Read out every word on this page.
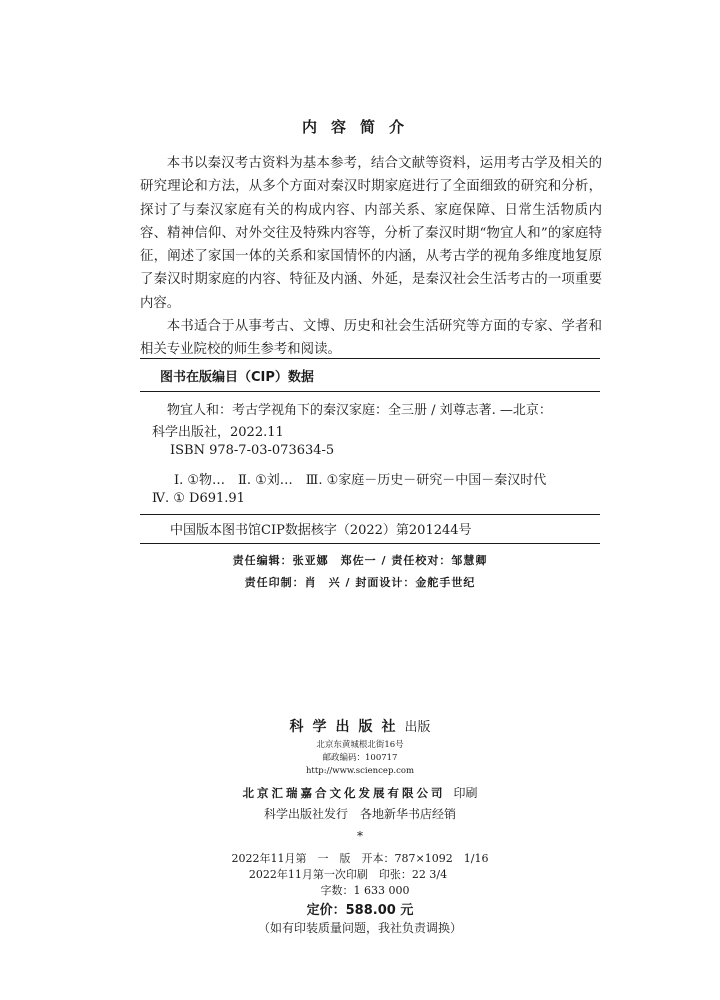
内容简介

本书以秦汉考古资料为基本参考，结合文献等资料，运用考古学及相关的研究理论和方法，从多个方面对秦汉时期家庭进行了全面细致的研究和分析，探讨了与秦汉家庭有关的构成内容、内部关系、家庭保障、日常生活物质内容、精神信仰、对外交往及特殊内容等，分析了秦汉时期“物宜人和”的家庭特征，阐述了家国一体的关系和家国情怀的内涵，从考古学的视角多维度地复原了秦汉时期家庭的内容、特征及内涵、外延，是秦汉社会生活考古的一项重要内容。

本书适合于从事考古、文博、历史和社会生活研究等方面的专家、学者和相关专业院校的师生参考和阅读。

图书在版编目（CIP）数据
物宜人和：考古学视角下的秦汉家庭：全三册 / 刘尊志著. —北京：
科学出版社，2022.11
ISBN 978-7-03-073634-5
Ⅰ. ①物…　Ⅱ. ①刘…　Ⅲ. ①家庭－历史－研究－中国－秦汉时代
Ⅳ. ① D691.91
中国版本图书馆CIP数据核字（2022）第201244号
责任编辑：张亚娜　郑佐一 / 责任校对：邹慧卿
责任印制：肖　兴 / 封面设计：金舵手世纪
科学出版社出版
北京东黄城根北街16号
邮政编码：100717
http://www.sciencep.com
北京汇瑞嘉合文化发展有限公司 印刷
科学出版社发行　各地新华书店经销
*
2022年11月第　一　版　开本：787×1092　1/16
2022年11月第一次印刷　印张：22 3/4
字数：1 633 000
定价：588.00 元
（如有印装质量问题，我社负责调换）
